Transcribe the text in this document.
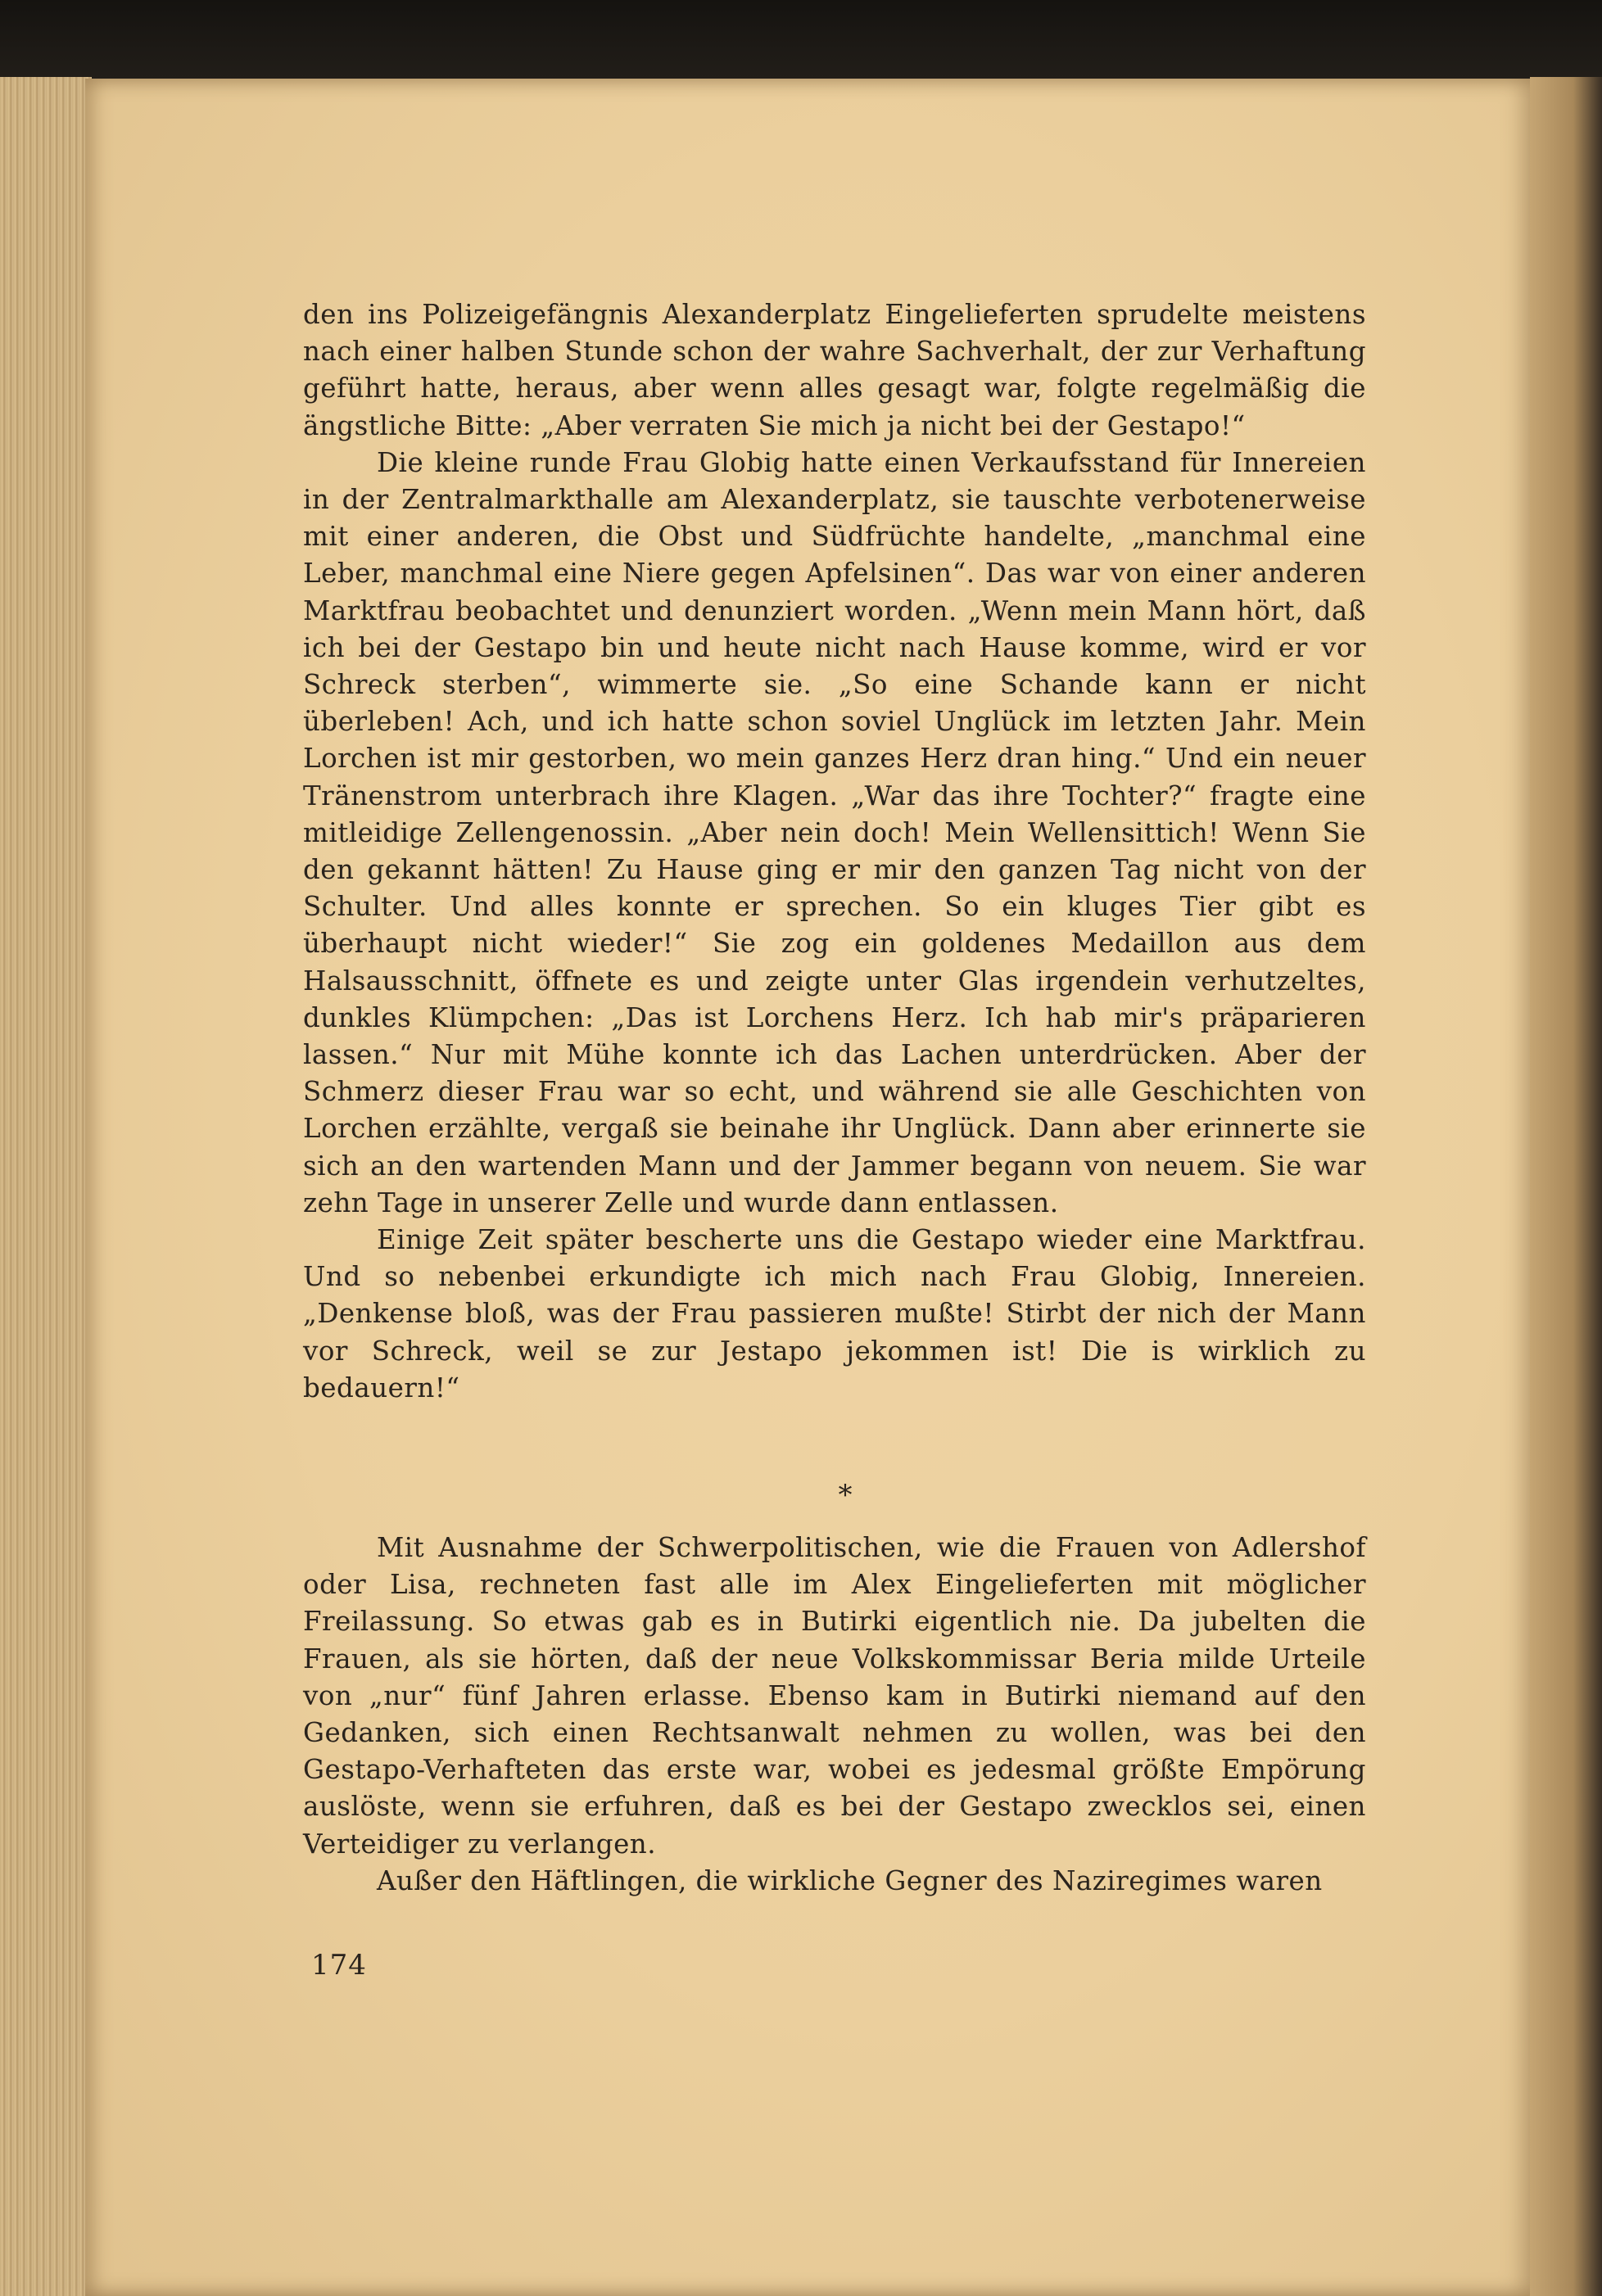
den ins Polizeigefängnis Alexanderplatz Eingelieferten sprudelte meistens nach einer halben Stunde schon der wahre Sachverhalt, der zur Verhaftung geführt hatte, heraus, aber wenn alles gesagt war, folgte regelmäßig die ängstliche Bitte: „Aber verraten Sie mich ja nicht bei der Gestapo!“

Die kleine runde Frau Globig hatte einen Verkaufsstand für Innereien in der Zentralmarkthalle am Alexanderplatz, sie tauschte verbotenerweise mit einer anderen, die Obst und Südfrüchte handelte, „manchmal eine Leber, manchmal eine Niere gegen Apfelsinen“. Das war von einer anderen Marktfrau beobachtet und denunziert worden. „Wenn mein Mann hört, daß ich bei der Gestapo bin und heute nicht nach Hause komme, wird er vor Schreck sterben“, wimmerte sie. „So eine Schande kann er nicht überleben! Ach, und ich hatte schon soviel Unglück im letzten Jahr. Mein Lorchen ist mir gestorben, wo mein ganzes Herz dran hing.“ Und ein neuer Tränenstrom unterbrach ihre Klagen. „War das ihre Tochter?“ fragte eine mitleidige Zellengenossin. „Aber nein doch! Mein Wellensittich! Wenn Sie den gekannt hätten! Zu Hause ging er mir den ganzen Tag nicht von der Schulter. Und alles konnte er sprechen. So ein kluges Tier gibt es überhaupt nicht wieder!“ Sie zog ein goldenes Medaillon aus dem Halsausschnitt, öffnete es und zeigte unter Glas irgendein verhutzeltes, dunkles Klümpchen: „Das ist Lorchens Herz. Ich hab mir's präparieren lassen.“ Nur mit Mühe konnte ich das Lachen unterdrücken. Aber der Schmerz dieser Frau war so echt, und während sie alle Geschichten von Lorchen erzählte, vergaß sie beinahe ihr Unglück. Dann aber erinnerte sie sich an den wartenden Mann und der Jammer begann von neuem. Sie war zehn Tage in unserer Zelle und wurde dann entlassen.

Einige Zeit später bescherte uns die Gestapo wieder eine Marktfrau. Und so nebenbei erkundigte ich mich nach Frau Globig, Innereien. „Denkense bloß, was der Frau passieren mußte! Stirbt der nich der Mann vor Schreck, weil se zur Jestapo jekommen ist! Die is wirklich zu bedauern!“

*

Mit Ausnahme der Schwerpolitischen, wie die Frauen von Adlershof oder Lisa, rechneten fast alle im Alex Eingelieferten mit möglicher Freilassung. So etwas gab es in Butirki eigentlich nie. Da jubelten die Frauen, als sie hörten, daß der neue Volkskommissar Beria milde Urteile von „nur“ fünf Jahren erlasse. Ebenso kam in Butirki niemand auf den Gedanken, sich einen Rechtsanwalt nehmen zu wollen, was bei den Gestapo-Verhafteten das erste war, wobei es jedesmal größte Empörung auslöste, wenn sie erfuhren, daß es bei der Gestapo zwecklos sei, einen Verteidiger zu verlangen.

Außer den Häftlingen, die wirkliche Gegner des Naziregimes waren

174
